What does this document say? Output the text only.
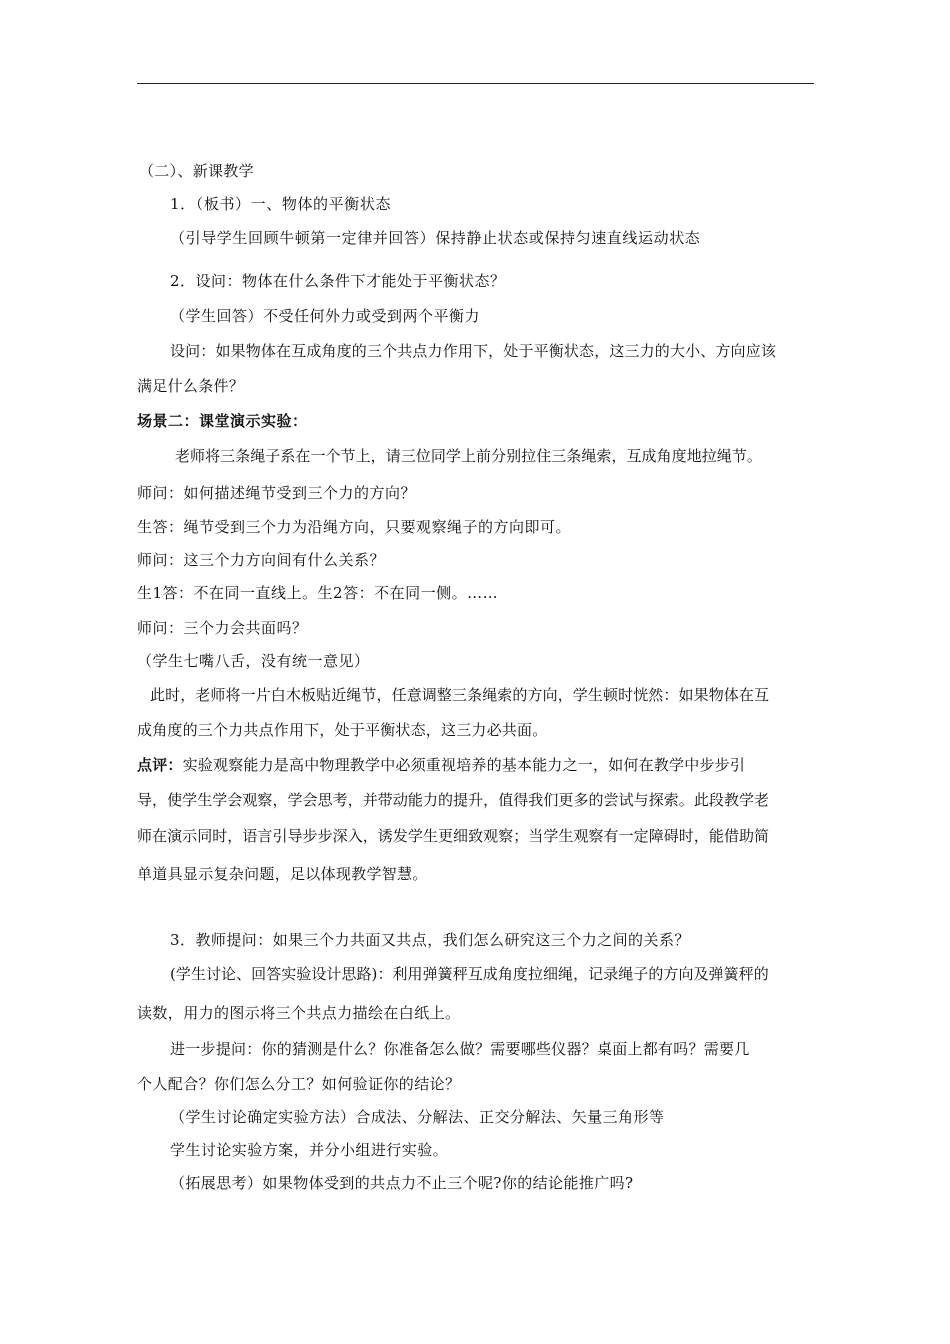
（二）、新课教学
1．（板书）一、物体的平衡状态
（引导学生回顾牛顿第一定律并回答）保持静止状态或保持匀速直线运动状态
2．设问：物体在什么条件下才能处于平衡状态？
（学生回答）不受任何外力或受到两个平衡力
设问：如果物体在互成角度的三个共点力作用下，处于平衡状态，这三力的大小、方向应该
满足什么条件？
场景二：课堂演示实验：
老师将三条绳子系在一个节上，请三位同学上前分别拉住三条绳索，互成角度地拉绳节。
师问：如何描述绳节受到三个力的方向？
生答：绳节受到三个力为沿绳方向，只要观察绳子的方向即可。
师问：这三个力方向间有什么关系？
生1答：不在同一直线上。生2答：不在同一侧。……
师问：三个力会共面吗？
（学生七嘴八舌，没有统一意见）
此时，老师将一片白木板贴近绳节，任意调整三条绳索的方向，学生顿时恍然：如果物体在互
成角度的三个力共点作用下，处于平衡状态，这三力必共面。
点评：实验观察能力是高中物理教学中必须重视培养的基本能力之一，如何在教学中步步引
导，使学生学会观察，学会思考，并带动能力的提升，值得我们更多的尝试与探索。此段教学老
师在演示同时，语言引导步步深入，诱发学生更细致观察；当学生观察有一定障碍时，能借助简
单道具显示复杂问题，足以体现教学智慧。
3．教师提问：如果三个力共面又共点，我们怎么研究这三个力之间的关系？
(学生讨论、回答实验设计思路)：利用弹簧秤互成角度拉细绳，记录绳子的方向及弹簧秤的
读数，用力的图示将三个共点力描绘在白纸上。
进一步提问：你的猜测是什么？你准备怎么做？需要哪些仪器？桌面上都有吗？需要几
个人配合？你们怎么分工？如何验证你的结论？
（学生讨论确定实验方法）合成法、分解法、正交分解法、矢量三角形等
学生讨论实验方案，并分小组进行实验。
（拓展思考）如果物体受到的共点力不止三个呢?你的结论能推广吗?
